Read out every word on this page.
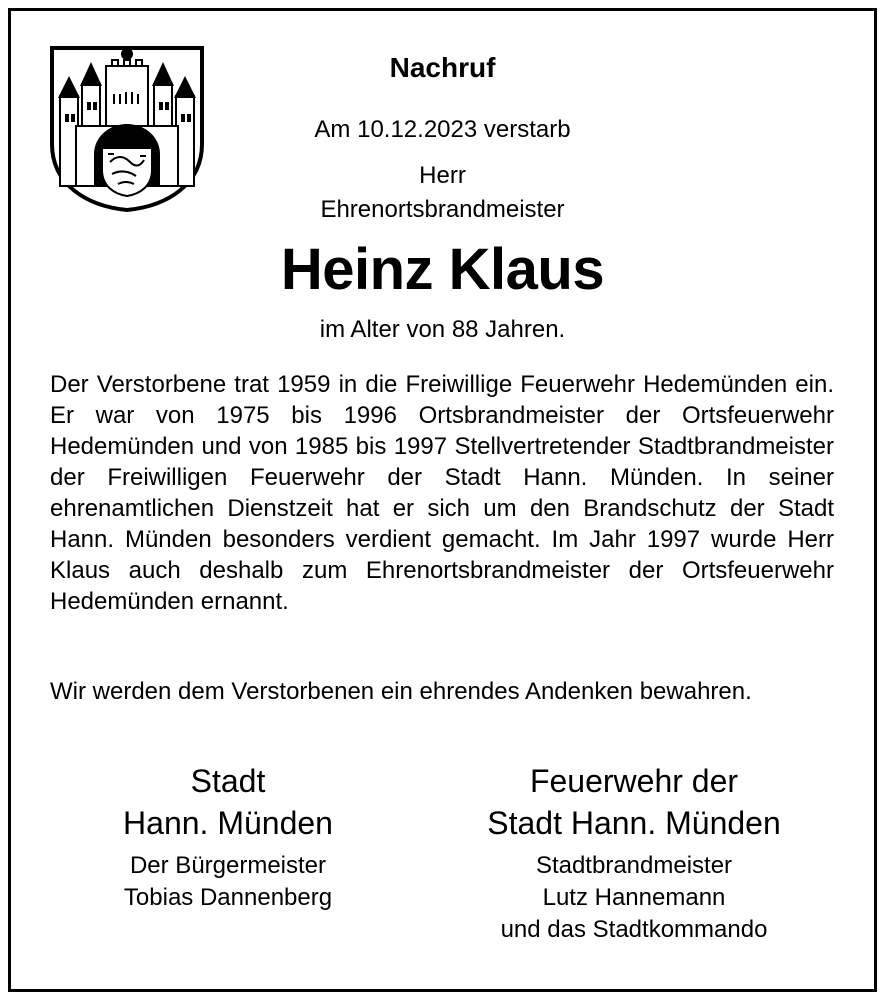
Nachruf
Am 10.12.2023 verstarb
Herr
Ehrenortsbrandmeister
Heinz Klaus
im Alter von 88 Jahren.

Der Verstorbene trat 1959 in die Freiwillige Feuerwehr Hedemünden ein. Er war von 1975 bis 1996 Ortsbrandmeister der Ortsfeuerwehr Hedemünden und von 1985 bis 1997 Stellvertretender Stadtbrandmeister der Freiwilligen Feuerwehr der Stadt Hann. Münden. In seiner ehrenamtlichen Dienstzeit hat er sich um den Brandschutz der Stadt Hann. Münden besonders verdient gemacht. Im Jahr 1997 wurde Herr Klaus auch deshalb zum Ehrenortsbrandmeister der Ortsfeuerwehr Hedemünden ernannt.

Wir werden dem Verstorbenen ein ehrendes Andenken bewahren.

Stadt
Hann. Münden
Der Bürgermeister
Tobias Dannenberg
Feuerwehr der
Stadt Hann. Münden
Stadtbrandmeister
Lutz Hannemann
und das Stadtkommando
